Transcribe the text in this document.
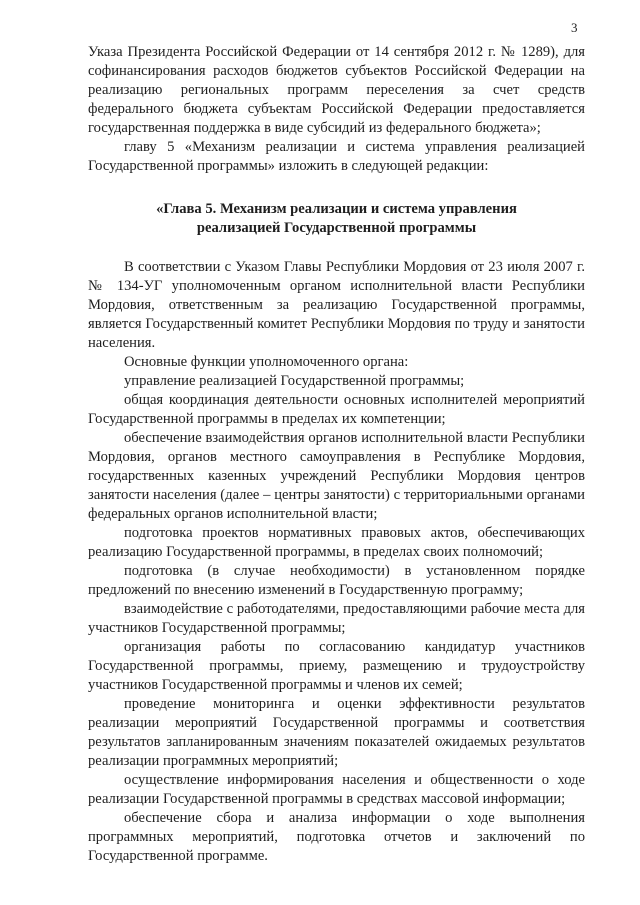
3

Указа Президента Российской Федерации от 14 сентября 2012 г. № 1289), для софинансирования расходов бюджетов субъектов Российской Федерации на реализацию региональных программ переселения за счет средств федерального бюджета субъектам Российской Федерации предоставляется государственная поддержка в виде субсидий из федерального бюджета»;

главу 5 «Механизм реализации и система управления реализацией Государственной программы» изложить в следующей редакции:

«Глава 5. Механизм реализации и система управления
реализацией Государственной программы

В соответствии с Указом Главы Республики Мордовия от 23 июля 2007 г. № 134-УГ уполномоченным органом исполнительной власти Республики Мордовия, ответственным за реализацию Государственной программы, является Государственный комитет Республики Мордовия по труду и занятости населения.

Основные функции уполномоченного органа:

управление реализацией Государственной программы;

общая координация деятельности основных исполнителей мероприятий Государственной программы в пределах их компетенции;

обеспечение взаимодействия органов исполнительной власти Республики Мордовия, органов местного самоуправления в Республике Мордовия, государственных казенных учреждений Республики Мордовия центров занятости населения (далее – центры занятости) с территориальными органами федеральных органов исполнительной власти;

подготовка проектов нормативных правовых актов, обеспечивающих реализацию Государственной программы, в пределах своих полномочий;

подготовка (в случае необходимости) в установленном порядке предложений по внесению изменений в Государственную программу;

взаимодействие с работодателями, предоставляющими рабочие места для участников Государственной программы;

организация работы по согласованию кандидатур участников Государственной программы, приему, размещению и трудоустройству участников Государственной программы и членов их семей;

проведение мониторинга и оценки эффективности результатов реализации мероприятий Государственной программы и соответствия результатов запланированным значениям показателей ожидаемых результатов реализации программных мероприятий;

осуществление информирования населения и общественности о ходе реализации Государственной программы в средствах массовой информации;

обеспечение сбора и анализа информации о ходе выполнения программных мероприятий, подготовка отчетов и заключений по Государственной программе.
